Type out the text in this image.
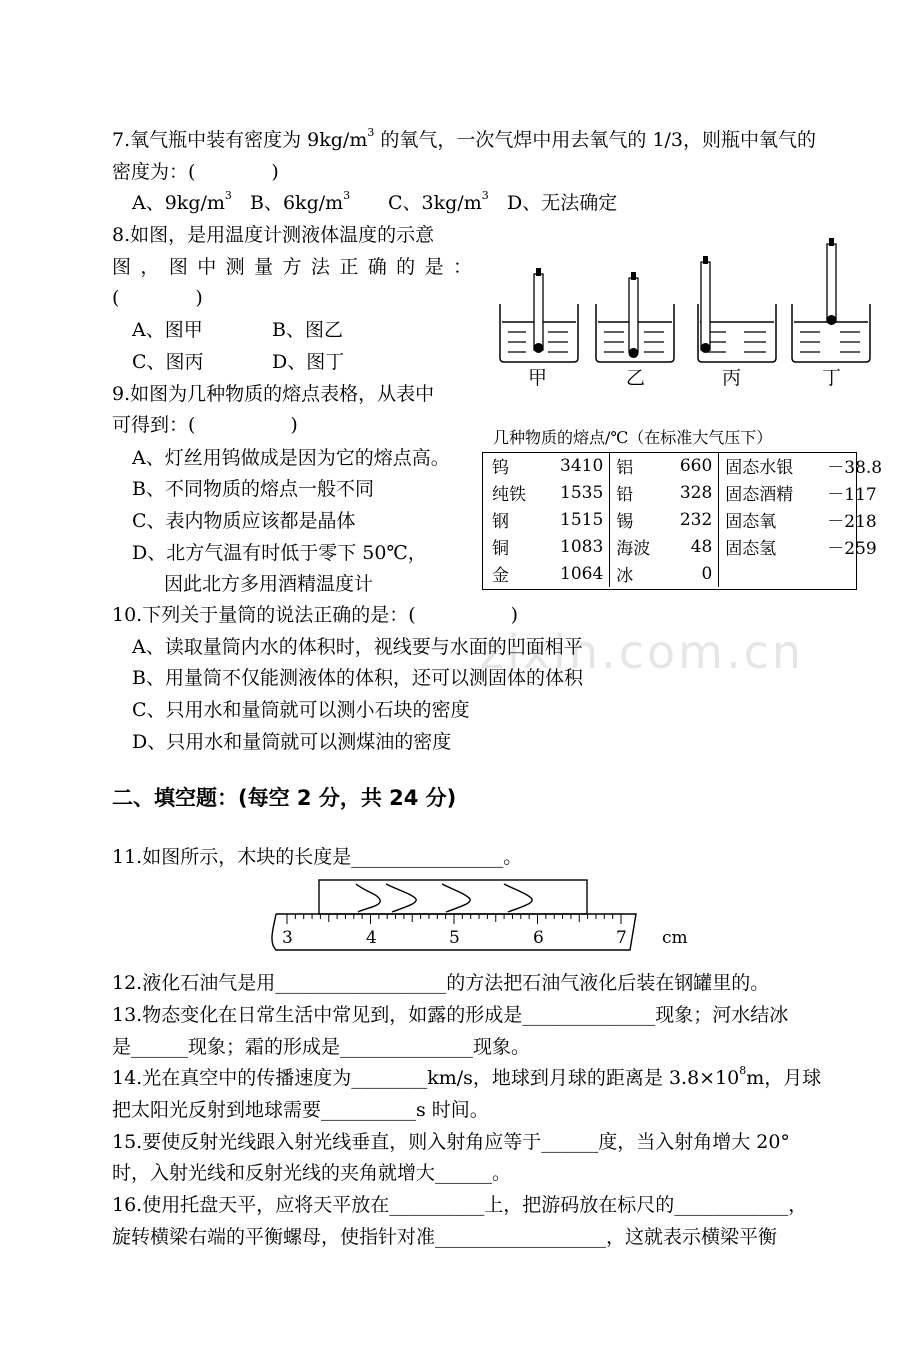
zixin.com.cn
7.氧气瓶中装有密度为 $9kg/m^3$ 的氧气，一次气焊中用去氧气的 1/3，则瓶中氧气的
密度为：(　　　　)
A、$9kg/m^3$ B、$6kg/m^3$ C、$3kg/m^3$ D、无法确定
8.如图，是用温度计测液体温度的示意
图，图中测量方法正确的是：
(　　　　)
A、图甲	B、图乙
C、图丙	D、图丁
甲	乙	丙	丁
9.如图为几种物质的熔点表格，从表中
可得到：(　　　　　)
A、灯丝用钨做成是因为它的熔点高。
B、不同物质的熔点一般不同
C、表内物质应该都是晶体
D、北方气温有时低于零下 50℃，
因此北方多用酒精温度计
几种物质的熔点/℃（在标准大气压下）
钨	3410	铝	660	固态水银	－38.8
纯铁	1535	铅	328	固态酒精	－117
钢	1515	锡	232	固态氧	－218
铜	1083	海波	48	固态氢	－259
金	1064	冰	0		
10.下列关于量筒的说法正确的是：(　　　　　)
A、读取量筒内水的体积时，视线要与水面的凹面相平
B、用量筒不仅能测液体的体积，还可以测固体的体积
C、只用水和量筒就可以测小石块的密度
D、只用水和量筒就可以测煤油的密度
二、填空题：(每空 2 分，共 24 分)
11.如图所示，木块的长度是________________。
3	4	5	6	7 cm
12.液化石油气是用__________________的方法把石油气液化后装在钢罐里的。
13.物态变化在日常生活中常见到，如露的形成是______________现象；河水结冰
是______现象；霜的形成是______________现象。
14.光在真空中的传播速度为________km/s，地球到月球的距离是 $3.8\times 10^8m$，月球
把太阳光反射到地球需要__________s 时间。
15.要使反射光线跟入射光线垂直，则入射角应等于______度，当入射角增大 20°
时，入射光线和反射光线的夹角就增大______。
16.使用托盘天平，应将天平放在__________上，把游码放在标尺的____________，
旋转横梁右端的平衡螺母，使指针对准__________________，这就表示横梁平衡
